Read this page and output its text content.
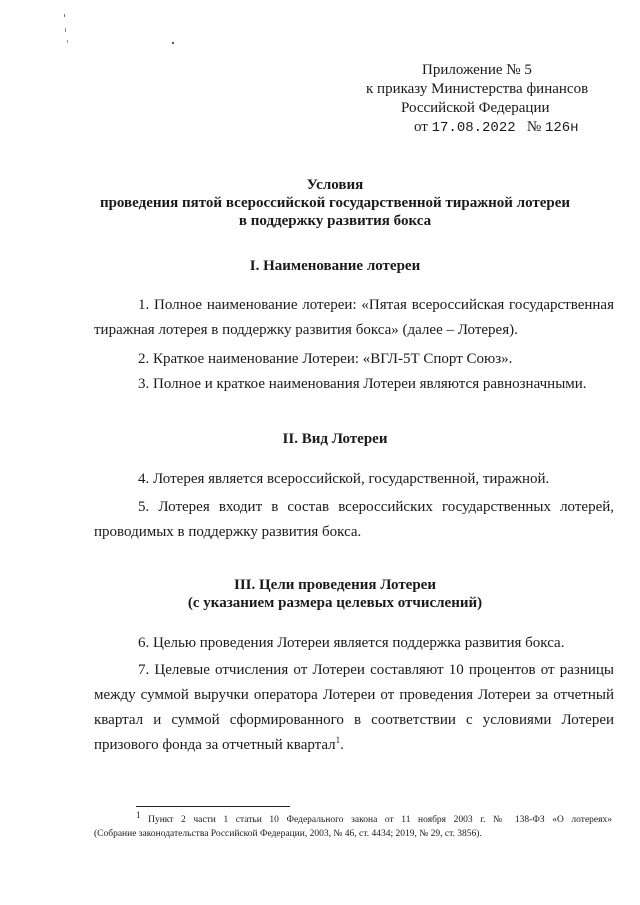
Приложение № 5
к приказу Министерства финансов
Российской Федерации
от 17.08.2022 № 126н
Условия
проведения пятой всероссийской государственной тиражной лотереи
в поддержку развития бокса
I. Наименование лотереи
1. Полное наименование лотереи: «Пятая всероссийская государственная
тиражная лотерея в поддержку развития бокса» (далее – Лотерея).
2. Краткое наименование Лотереи: «ВГЛ-5Т Спорт Союз».
3. Полное и краткое наименования Лотереи являются равнозначными.
II. Вид Лотереи
4. Лотерея является всероссийской, государственной, тиражной.
5. Лотерея входит в состав всероссийских государственных лотерей,
проводимых в поддержку развития бокса.
III. Цели проведения Лотереи
(с указанием размера целевых отчислений)
6. Целью проведения Лотереи является поддержка развития бокса.
7. Целевые отчисления от Лотереи составляют 10 процентов от разницы
между суммой выручки оператора Лотереи от проведения Лотереи за отчетный
квартал и суммой сформированного в соответствии с условиями Лотереи
призового фонда за отчетный квартал$^1$.
$^1$ Пункт 2 части 1 статьи 10 Федерального закона от 11 ноября 2003 г. № 138-ФЗ «О лотереях»
(Собрание законодательства Российской Федерации, 2003, № 46, ст. 4434; 2019, № 29, ст. 3856).
